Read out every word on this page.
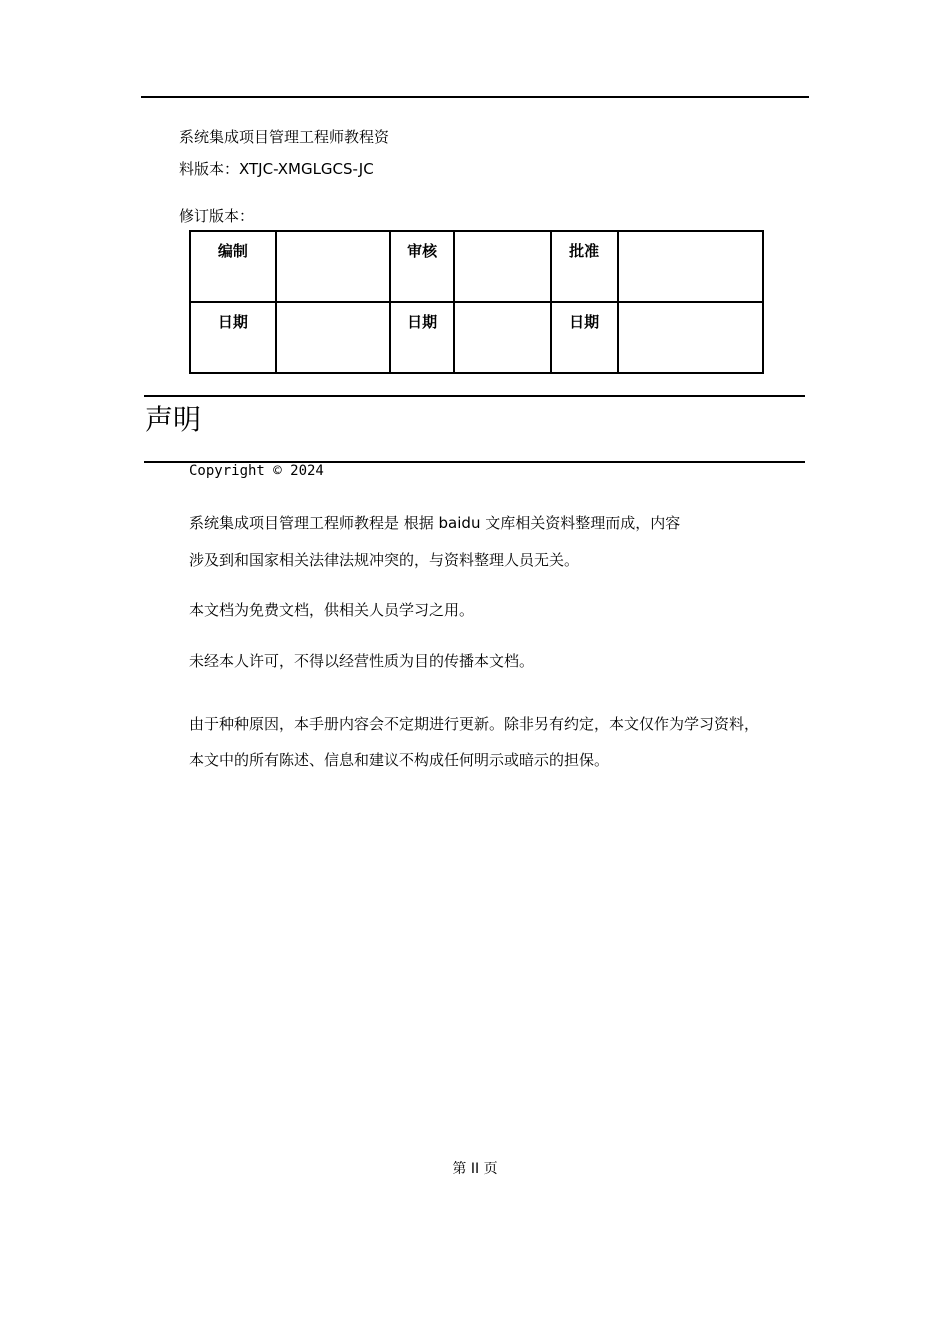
系统集成项目管理工程师教程资
料版本：XTJC-XMGLGCS-JC
修订版本：
编制		审核		批准	
日期		日期		日期	
声明
Copyright © 2024
系统集成项目管理工程师教程是 根据 baidu 文库相关资料整理而成，内容
涉及到和国家相关法律法规冲突的，与资料整理人员无关。
本文档为免费文档，供相关人员学习之用。
未经本人许可，不得以经营性质为目的传播本文档。
由于种种原因，本手册内容会不定期进行更新。除非另有约定，本文仅作为学习资料，
本文中的所有陈述、信息和建议不构成任何明示或暗示的担保。
第 II 页
